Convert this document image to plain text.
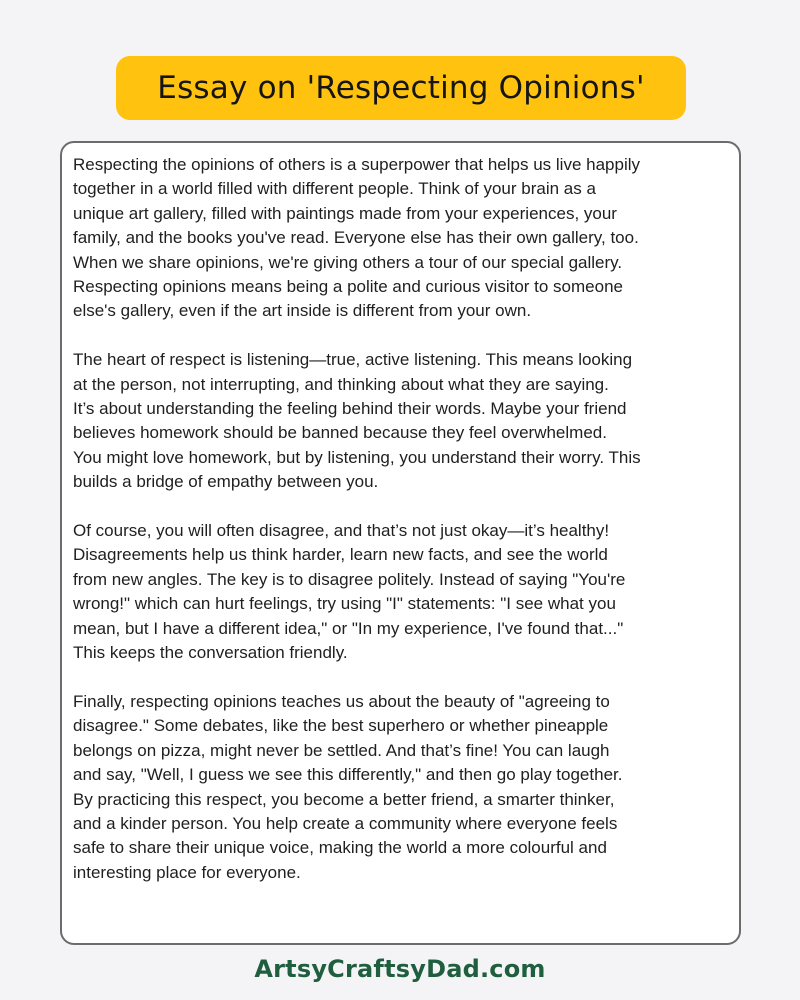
Essay on 'Respecting Opinions'

Respecting the opinions of others is a superpower that helps us live happily
together in a world filled with different people. Think of your brain as a
unique art gallery, filled with paintings made from your experiences, your
family, and the books you've read. Everyone else has their own gallery, too.
When we share opinions, we're giving others a tour of our special gallery.
Respecting opinions means being a polite and curious visitor to someone
else's gallery, even if the art inside is different from your own.

The heart of respect is listening—true, active listening. This means looking
at the person, not interrupting, and thinking about what they are saying.
It’s about understanding the feeling behind their words. Maybe your friend
believes homework should be banned because they feel overwhelmed.
You might love homework, but by listening, you understand their worry. This
builds a bridge of empathy between you.

Of course, you will often disagree, and that’s not just okay—it’s healthy!
Disagreements help us think harder, learn new facts, and see the world
from new angles. The key is to disagree politely. Instead of saying "You're
wrong!" which can hurt feelings, try using "I" statements: "I see what you
mean, but I have a different idea," or "In my experience, I've found that..."
This keeps the conversation friendly.

Finally, respecting opinions teaches us about the beauty of "agreeing to
disagree." Some debates, like the best superhero or whether pineapple
belongs on pizza, might never be settled. And that’s fine! You can laugh
and say, "Well, I guess we see this differently," and then go play together.
By practicing this respect, you become a better friend, a smarter thinker,
and a kinder person. You help create a community where everyone feels
safe to share their unique voice, making the world a more colourful and
interesting place for everyone.

ArtsyCraftsyDad.com
